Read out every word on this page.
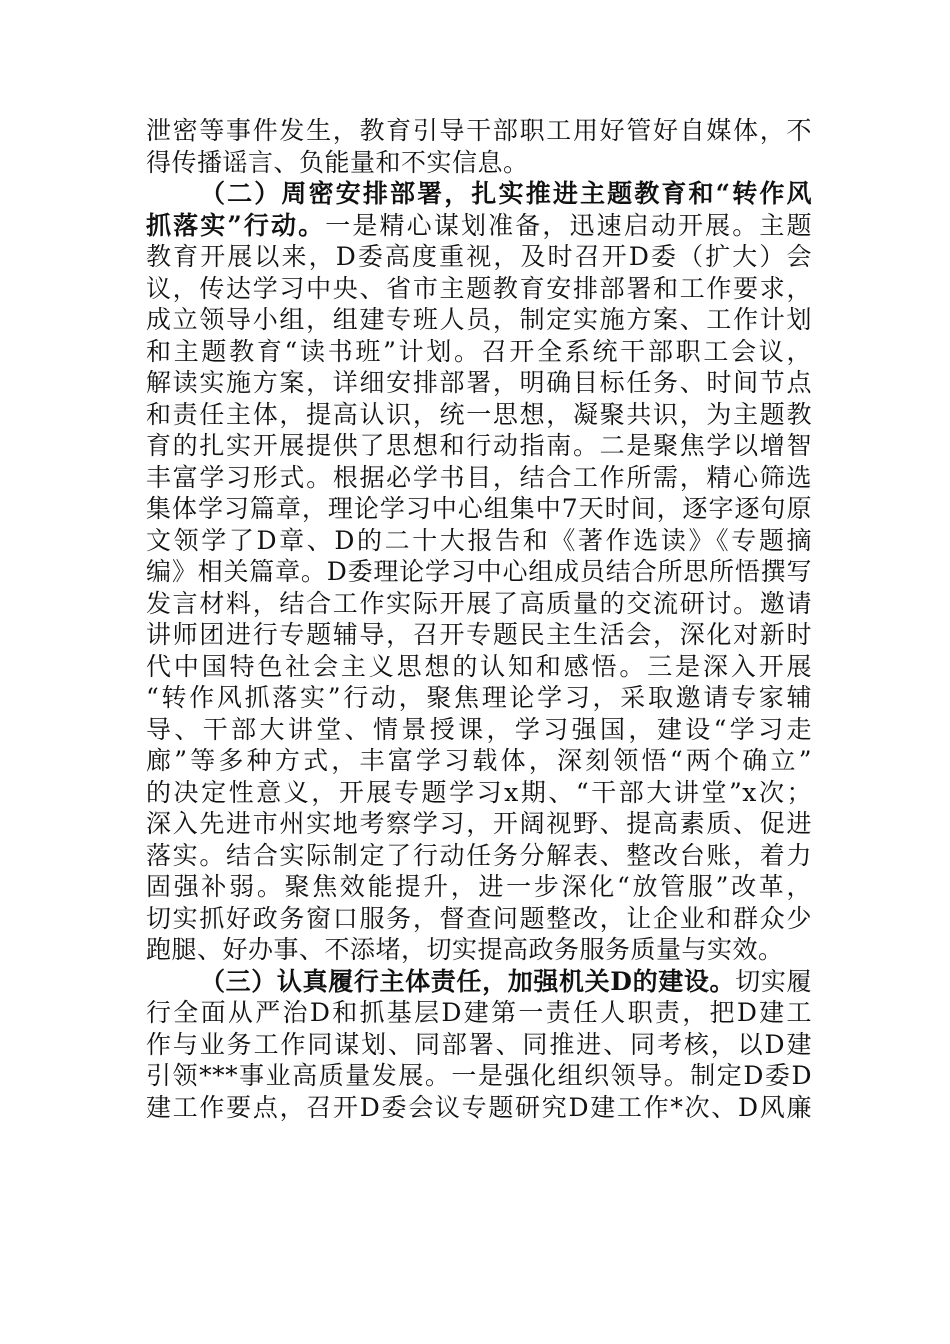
泄密等事件发生，教育引导干部职工用好管好自媒体，不
得传播谣言、负能量和不实信息。
（二）周密安排部署，扎实推进主题教育和“转作风
抓落实”行动。一是精心谋划准备，迅速启动开展。主题
教育开展以来，D委高度重视，及时召开D委（扩大）会
议，传达学习中央、省市主题教育安排部署和工作要求，
成立领导小组，组建专班人员，制定实施方案、工作计划
和主题教育“读书班”计划。召开全系统干部职工会议，
解读实施方案，详细安排部署，明确目标任务、时间节点
和责任主体，提高认识，统一思想，凝聚共识，为主题教
育的扎实开展提供了思想和行动指南。二是聚焦学以增智
丰富学习形式。根据必学书目，结合工作所需，精心筛选
集体学习篇章，理论学习中心组集中7天时间，逐字逐句原
文领学了D章、D的二十大报告和《著作选读》《专题摘
编》相关篇章。D委理论学习中心组成员结合所思所悟撰写
发言材料，结合工作实际开展了高质量的交流研讨。邀请
讲师团进行专题辅导，召开专题民主生活会，深化对新时
代中国特色社会主义思想的认知和感悟。三是深入开展
“转作风抓落实”行动，聚焦理论学习，采取邀请专家辅
导、干部大讲堂、情景授课，学习强国，建设“学习走
廊”等多种方式，丰富学习载体，深刻领悟“两个确立”
的决定性意义，开展专题学习x期、“干部大讲堂”x次；
深入先进市州实地考察学习，开阔视野、提高素质、促进
落实。结合实际制定了行动任务分解表、整改台账，着力
固强补弱。聚焦效能提升，进一步深化“放管服”改革，
切实抓好政务窗口服务，督查问题整改，让企业和群众少
跑腿、好办事、不添堵，切实提高政务服务质量与实效。
（三）认真履行主体责任，加强机关D的建设。切实履
行全面从严治D和抓基层D建第一责任人职责，把D建工
作与业务工作同谋划、同部署、同推进、同考核，以D建
引领***事业高质量发展。一是强化组织领导。制定D委D
建工作要点，召开D委会议专题研究D建工作*次、D风廉
